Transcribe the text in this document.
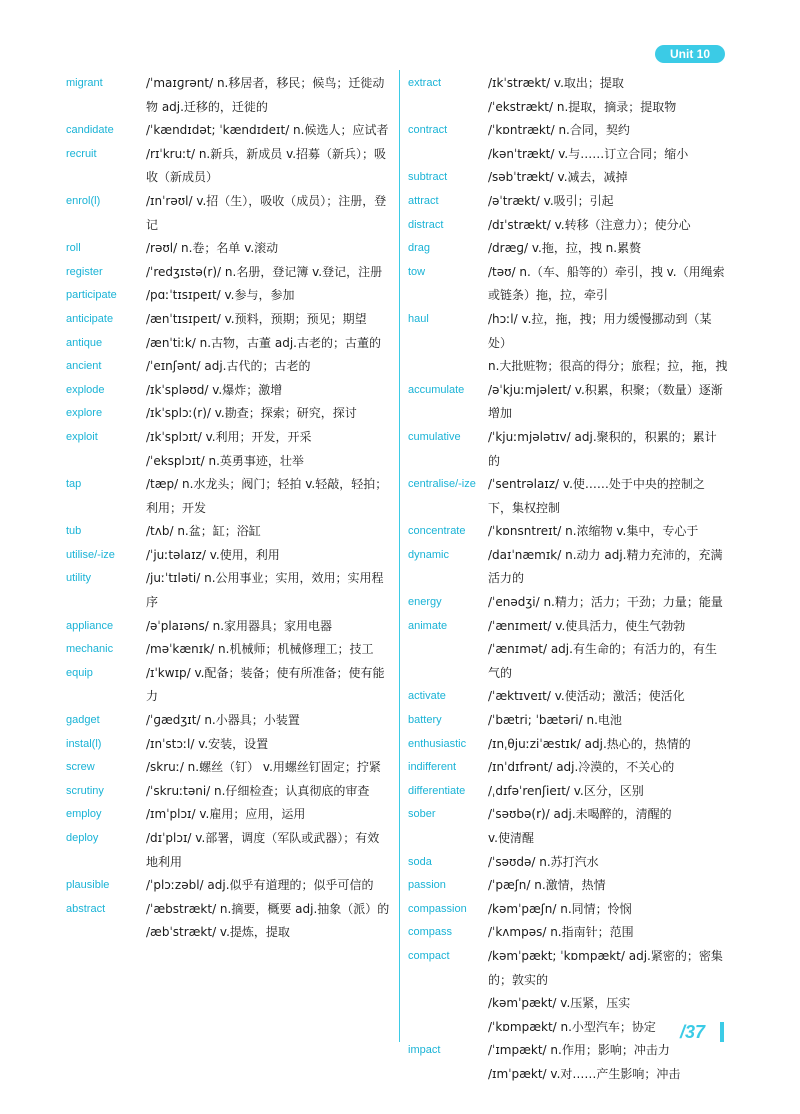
Unit 10
migrant	/ˈmaɪɡrənt/ n.移居者，移民；候鸟；迁徙动物 adj.迁移的，迁徙的
candidate	/ˈkændɪdət; ˈkændɪdeɪt/ n.候选人；应试者
recruit	/rɪˈkruːt/ n.新兵，新成员 v.招募（新兵）；吸收（新成员）
enrol(l)	/ɪnˈrəʊl/ v.招（生），吸收（成员）；注册，登记
roll	/rəʊl/ n.卷；名单 v.滚动
register	/ˈredʒɪstə(r)/ n.名册，登记簿 v.登记，注册
participate	/pɑːˈtɪsɪpeɪt/ v.参与，参加
anticipate	/ænˈtɪsɪpeɪt/ v.预料，预期；预见；期望
antique	/ænˈtiːk/ n.古物，古董 adj.古老的；古董的
ancient	/ˈeɪnʃənt/ adj.古代的；古老的
explode	/ɪkˈspləʊd/ v.爆炸；激增
explore	/ɪkˈsplɔː(r)/ v.勘查；探索；研究，探讨
exploit	/ɪkˈsplɔɪt/ v.利用；开发，开采
/ˈeksplɔɪt/ n.英勇事迹，壮举
tap	/tæp/ n.水龙头；阀门；轻拍 v.轻敲，轻拍；利用；开发
tub	/tʌb/ n.盆；缸；浴缸
utilise/-ize	/ˈjuːtəlaɪz/ v.使用，利用
utility	/juːˈtɪləti/ n.公用事业；实用，效用；实用程序
appliance	/əˈplaɪəns/ n.家用器具；家用电器
mechanic	/məˈkænɪk/ n.机械师；机械修理工；技工
equip	/ɪˈkwɪp/ v.配备；装备；使有所准备；使有能力
gadget	/ˈɡædʒɪt/ n.小器具；小装置
instal(l)	/ɪnˈstɔːl/ v.安装，设置
screw	/skruː/ n.螺丝（钉） v.用螺丝钉固定；拧紧
scrutiny	/ˈskruːtəni/ n.仔细检查；认真彻底的审查
employ	/ɪmˈplɔɪ/ v.雇用；应用，运用
deploy	/dɪˈplɔɪ/ v.部署，调度（军队或武器）；有效地利用
plausible	/ˈplɔːzəbl/ adj.似乎有道理的；似乎可信的
abstract	/ˈæbstrækt/ n.摘要，概要 adj.抽象（派）的
/æbˈstrækt/ v.提炼，提取
extract	/ɪkˈstrækt/ v.取出；提取
/ˈekstrækt/ n.提取，摘录；提取物
contract	/ˈkɒntrækt/ n.合同，契约
/kənˈtrækt/ v.与……订立合同；缩小
subtract	/səbˈtrækt/ v.减去，减掉
attract	/əˈtrækt/ v.吸引；引起
distract	/dɪˈstrækt/ v.转移（注意力）；使分心
drag	/dræɡ/ v.拖，拉，拽 n.累赘
tow	/təʊ/ n.（车、船等的）牵引，拽 v.（用绳索或链条）拖，拉，牵引
haul	/hɔːl/ v.拉，拖，拽；用力缓慢挪动到（某处）
n.大批赃物；很高的得分；旅程；拉，拖，拽
accumulate	/əˈkjuːmjəleɪt/ v.积累，积聚；（数量）逐渐增加
cumulative	/ˈkjuːmjələtɪv/ adj.聚积的，积累的；累计的
centralise/-ize	/ˈsentrəlaɪz/ v.使……处于中央的控制之下，集权控制
concentrate	/ˈkɒnsntreɪt/ n.浓缩物 v.集中，专心于
dynamic	/daɪˈnæmɪk/ n.动力 adj.精力充沛的，充满活力的
energy	/ˈenədʒi/ n.精力；活力；干劲；力量；能量
animate	/ˈænɪmeɪt/ v.使具活力，使生气勃勃
/ˈænɪmət/ adj.有生命的；有活力的，有生气的
activate	/ˈæktɪveɪt/ v.使活动；激活；使活化
battery	/ˈbætri; ˈbætəri/ n.电池
enthusiastic	/ɪnˌθjuːziˈæstɪk/ adj.热心的，热情的
indifferent	/ɪnˈdɪfrənt/ adj.冷漠的，不关心的
differentiate	/ˌdɪfəˈrenʃieɪt/ v.区分，区别
sober	/ˈsəʊbə(r)/ adj.未喝醉的，清醒的
v.使清醒
soda	/ˈsəʊdə/ n.苏打汽水
passion	/ˈpæʃn/ n.激情，热情
compassion	/kəmˈpæʃn/ n.同情；怜悯
compass	/ˈkʌmpəs/ n.指南针；范围
compact	/kəmˈpækt; ˈkɒmpækt/ adj.紧密的；密集的；敦实的
/kəmˈpækt/ v.压紧，压实
/ˈkɒmpækt/ n.小型汽车；协定
impact	/ˈɪmpækt/ n.作用；影响；冲击力
/ɪmˈpækt/ v.对……产生影响；冲击
/37
